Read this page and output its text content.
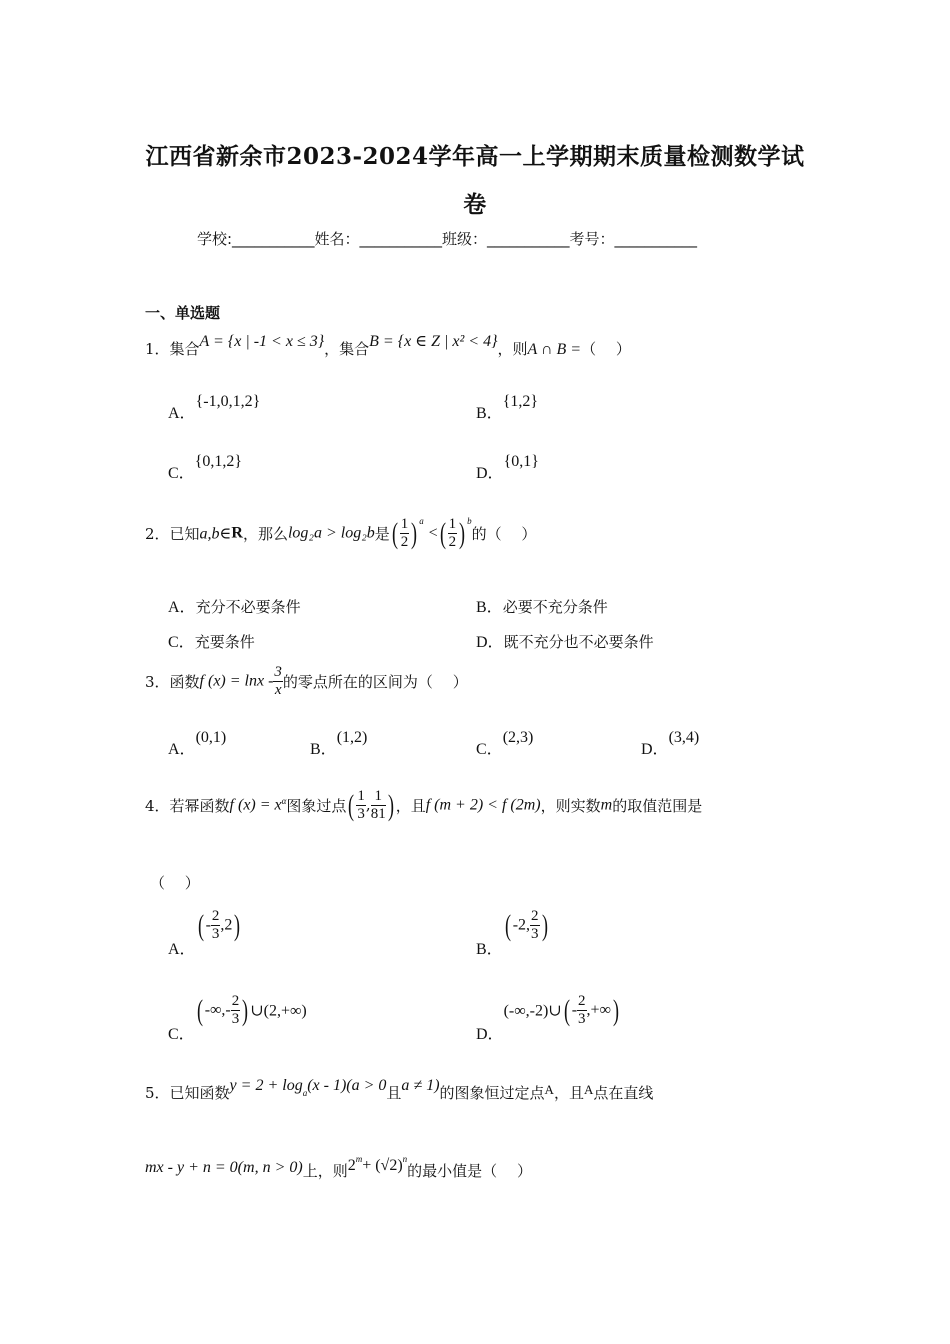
江西省新余市2023-2024学年高一上学期期末质量检测数学试
卷
学校:___________姓名：___________班级：___________考号：___________
一、单选题
1．集合A = {x | -1 < x ≤ 3}，集合B = {x ∈ Z | x² < 4}，则A ∩ B =（　 ）
A．{-1,0,1,2}
B．{1,2}
C．{0,1,2}
D．{0,1}
2．已知a,b∈R，那么log₂a > log₂b是( $\frac{1}{2}$ ) $^a$ <( $\frac{1}{2}$ ) $^b$的（　 ）
A．充分不必要条件	B．必要不充分条件
C．充要条件	D．既不充分也不必要条件
3．函数f $(x) = \ln x - \frac{3}{x}$ 的零点所在的区间为（　 ）
A．(0,1)
B．(1,2)
C．(2,3)
D．(3,4)
4．若幂函数f $(x) = x^\alpha$图象过点( $\frac{1}{3}$ , $\frac{1}{81}$ ) ，且f (m + 2) < f (2m)，则实数m的取值范围是
（　 ）
A．( - $\frac{2}{3} ,2$)
B．( -2, $\frac{2}{3}$ )
C．( -∞,- $\frac{2}{3}$ ) ∪(2,+∞)
D．(-∞,-2)∪( - $\frac{2}{3}$ ,+∞)
5．已知函数$y = 2 + \log_a(x - 1)(a > 0$且a ≠ 1)的图象恒过定点A，且A点在直线
mx - y + n = 0(m, n > 0)上，则$2^m+ (√2)^n$的最小值是（　 ）
